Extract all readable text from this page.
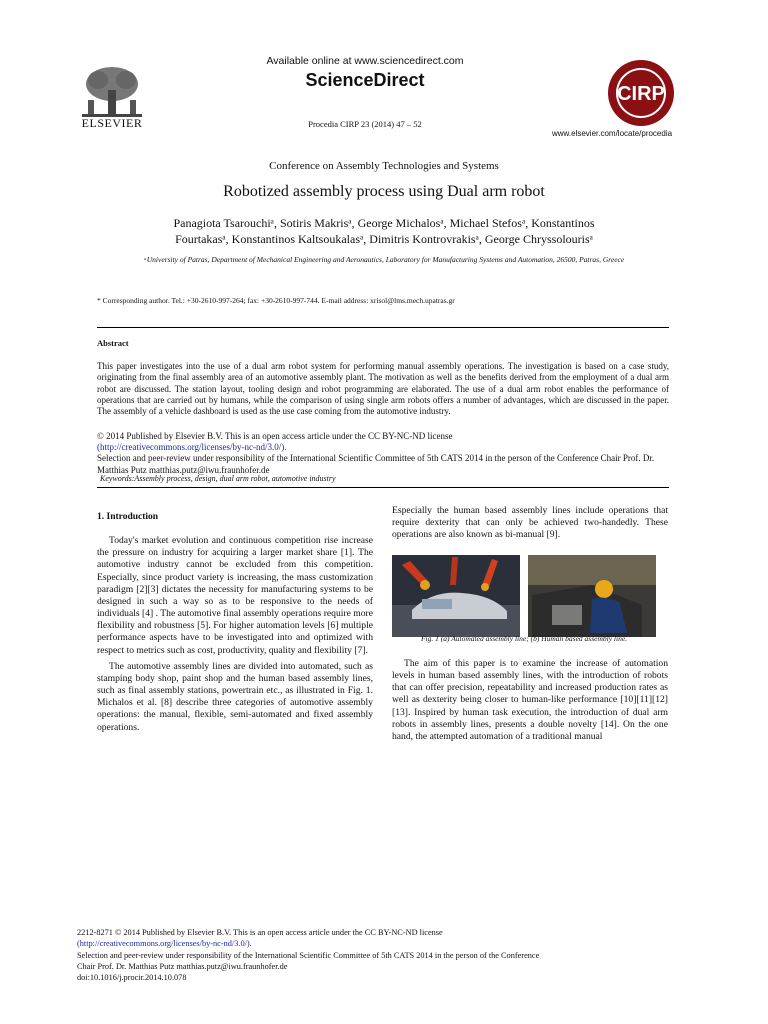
ELSEVIER
Available online at www.sciencedirect.com
ScienceDirect
Procedia CIRP 23 (2014) 47 – 52
CIRP
www.elsevier.com/locate/procedia
Conference on Assembly Technologies and Systems
Robotized assembly process using Dual arm robot
Panagiota Tsarouchiᵃ, Sotiris Makrisᵃ, George Michalosᵃ, Michael Stefosᵃ, Konstantinos
Fourtakasᵃ, Konstantinos Kaltsoukalasᵃ, Dimitris Kontrovrakisᵃ, George Chryssolourisᵃ
ᵃUniversity of Patras, Department of Mechanical Engineering and Aeronautics, Laboratory for Manufacturing Systems and Automation, 26500, Patras, Greece
* Corresponding author. Tel.: +30-2610-997-264; fax: +30-2610-997-744. E-mail address: xrisol@lms.mech.upatras.gr
Abstract
This paper investigates into the use of a dual arm robot system for performing manual assembly operations. The investigation is based on a case study, originating from the final assembly area of an automotive assembly plant. The motivation as well as the benefits derived from the employment of a dual arm robot are discussed. The station layout, tooling design and robot programming are elaborated. The use of a dual arm robot enables the performance of operations that are carried out by humans, while the comparison of using single arm robots offers a number of advantages, which are discussed in the paper. The assembly of a vehicle dashboard is used as the use case coming from the automotive industry.
© 2014 Published by Elsevier B.V. This is an open access article under the CC BY-NC-ND license
(http://creativecommons.org/licenses/by-nc-nd/3.0/).
Selection and peer-review under responsibility of the International Scientific Committee of 5th CATS 2014 in the person of the Conference Chair Prof. Dr. Matthias Putz matthias.putz@iwu.fraunhofer.de
Keywords:Assembly process, design, dual arm robot, automotive industry
1. Introduction

Today's market evolution and continuous competition rise increase the pressure on industry for acquiring a larger market share [1]. The automotive industry cannot be excluded from this competition. Especially, since product variety is increasing, the mass customization paradigm [2][3] dictates the necessity for manufacturing systems to be designed in such a way so as to be responsive to the needs of individuals [4] . The automotive final assembly operations require more flexibility and robustness [5]. For higher automation levels [6] multiple performance aspects have to be investigated into and optimized with respect to metrics such as cost, productivity, quality and flexibility [7].

The automotive assembly lines are divided into automated, such as stamping body shop, paint shop and the human based assembly lines, such as final assembly stations, powertrain etc., as illustrated in Fig. 1. Michalos et al. [8] describe three categories of automotive assembly operations: the manual, flexible, semi-automated and fixed assembly operations.

Especially the human based assembly lines include operations that require dexterity that can only be achieved two-handedly. These operations are also known as bi-manual [9].

Fig. 1 (a) Automated assembly line; (b) Human based assembly line.

The aim of this paper is to examine the increase of automation levels in human based assembly lines, with the introduction of robots that can offer precision, repeatability and increased production rates as well as dexterity being closer to human-like performance [10][11][12][13]. Inspired by human task execution, the introduction of dual arm robots in assembly lines, presents a double novelty [14]. On the one hand, the attempted automation of a traditional manual

2212-8271 © 2014 Published by Elsevier B.V. This is an open access article under the CC BY-NC-ND license
(http://creativecommons.org/licenses/by-nc-nd/3.0/).
Selection and peer-review under responsibility of the International Scientific Committee of 5th CATS 2014 in the person of the Conference
Chair Prof. Dr. Matthias Putz matthias.putz@iwu.fraunhofer.de
doi:10.1016/j.procir.2014.10.078
